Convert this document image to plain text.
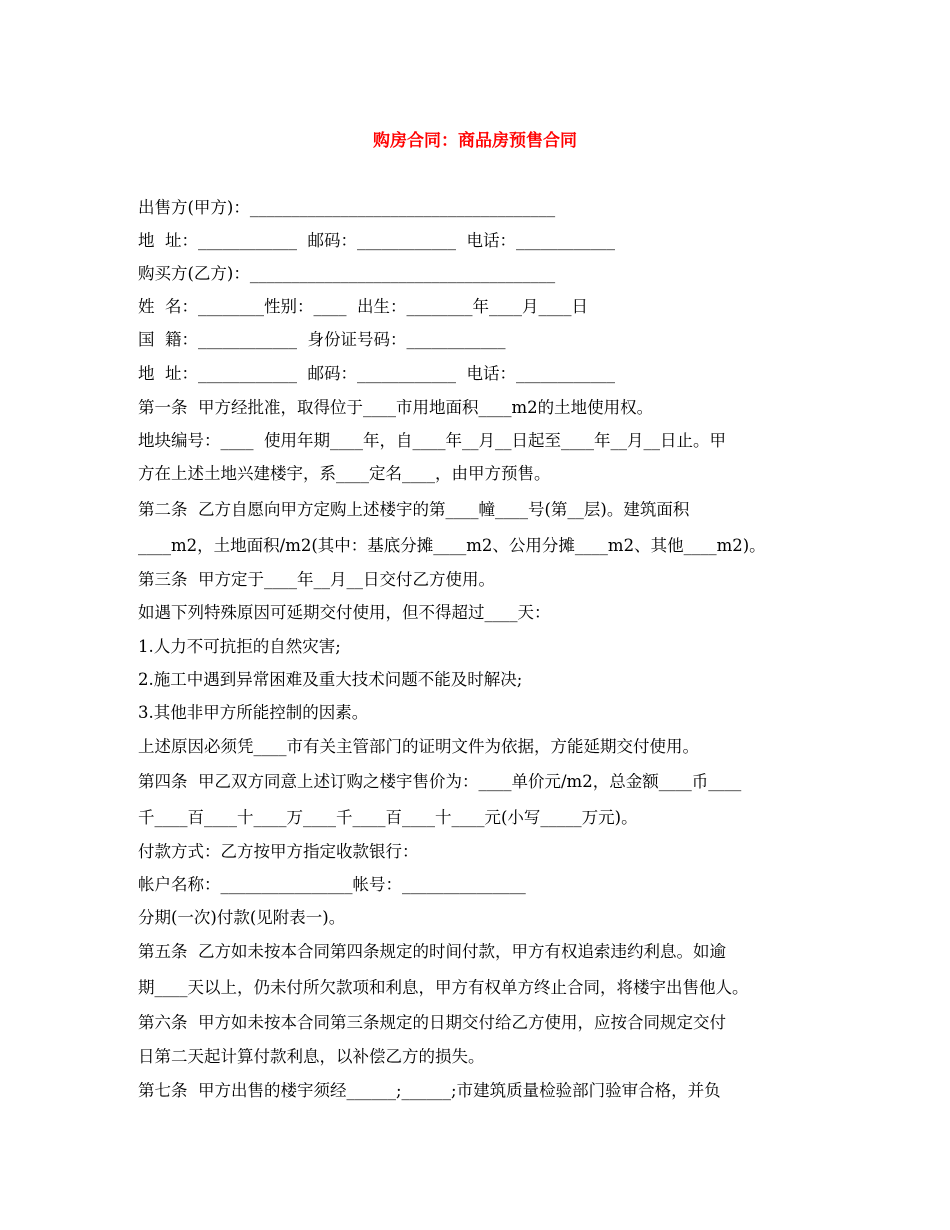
购房合同：商品房预售合同
出售方(甲方)：_____________________________________
地  址：____________  邮码：____________  电话：____________
购买方(乙方)：_____________________________________
姓  名：________性别：____  出生：________年____月____日
国  籍：____________  身份证号码：____________
地  址：____________  邮码：____________  电话：____________
第一条  甲方经批准，取得位于____市用地面积____m2的土地使用权。
地块编号：____  使用年期____年，自____年__月__日起至____年__月__日止。甲
方在上述土地兴建楼宇，系____定名____，由甲方预售。
第二条  乙方自愿向甲方定购上述楼宇的第____幢____号(第__层)。建筑面积
____m2，土地面积/m2(其中：基底分摊____m2、公用分摊____m2、其他____m2)。
第三条  甲方定于____年__月__日交付乙方使用。
如遇下列特殊原因可延期交付使用，但不得超过____天：
1.人力不可抗拒的自然灾害;
2.施工中遇到异常困难及重大技术问题不能及时解决;
3.其他非甲方所能控制的因素。
上述原因必须凭____市有关主管部门的证明文件为依据，方能延期交付使用。
第四条  甲乙双方同意上述订购之楼宇售价为：____单价元/m2，总金额____币____
千____百____十____万____千____百____十____元(小写_____万元)。
付款方式：乙方按甲方指定收款银行：
帐户名称：________________帐号：_______________
分期(一次)付款(见附表一)。
第五条  乙方如未按本合同第四条规定的时间付款，甲方有权追索违约利息。如逾
期____天以上，仍未付所欠款项和利息，甲方有权单方终止合同，将楼宇出售他人。
第六条  甲方如未按本合同第三条规定的日期交付给乙方使用，应按合同规定交付
日第二天起计算付款利息，以补偿乙方的损失。
第七条  甲方出售的楼宇须经______;______;市建筑质量检验部门验审合格，并负
